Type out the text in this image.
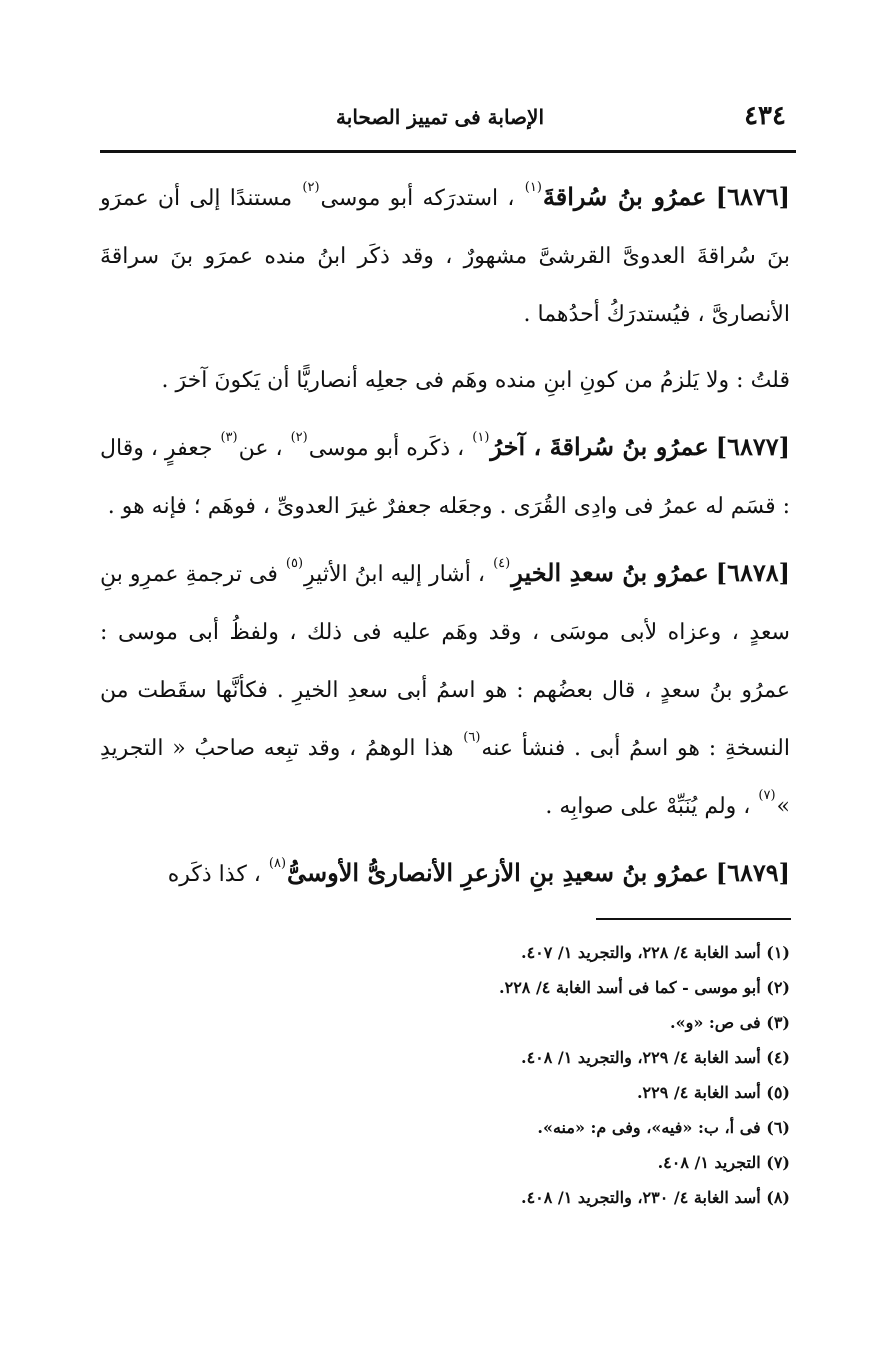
٤٣٤
الإصابة فى تمييز الصحابة

[٦٨٧٦] عمرُو بنُ سُراقةَ$^{(١)}$ ، استدرَكه أبو موسى$^{(٢)}$ مستندًا إلى أن عمرَو بنَ سُراقةَ العدوىَّ القرشىَّ مشهورٌ ، وقد ذكَر ابنُ منده عمرَو بنَ سراقةَ الأنصارىَّ ، فيُستدرَكُ أحدُهما .

قلتُ : ولا يَلزمُ من كونِ ابنِ منده وهَم فى جعلِه أنصاريًّا أن يَكونَ آخرَ .

[٦٨٧٧] عمرُو بنُ سُراقةَ ، آخرُ$^{(١)}$ ، ذكَره أبو موسى$^{(٢)}$ ، عن$^{(٣)}$ جعفرٍ ، وقال : قسَم له عمرُ فى وادِى القُرَى . وجعَله جعفرٌ غيرَ العدوىِّ ، فوهَم ؛ فإنه هو .

[٦٨٧٨] عمرُو بنُ سعدِ الخيرِ$^{(٤)}$ ، أشار إليه ابنُ الأثيرِ$^{(٥)}$ فى ترجمةِ عمرِو بنِ سعدٍ ، وعزاه لأبى موسَى ، وقد وهَم عليه فى ذلك ، ولفظُ أبى موسى : عمرُو بنُ سعدٍ ، قال بعضُهم : هو اسمُ أبى سعدِ الخيرِ . فكأنَّها سقَطت من النسخةِ : هو اسمُ أبى . فنشأ عنه$^{(٦)}$ هذا الوهمُ ، وقد تبِعه صاحبُ « التجريدِ »$^{(٧)}$ ، ولم يُنَبِّهْ على صوابِه .

[٦٨٧٩] عمرُو بنُ سعيدِ بنِ الأزعرِ الأنصارىُّ الأوسىُّ$^{(٨)}$ ، كذا ذكَره

(١) أسد الغابة ٤/ ٢٢٨، والتجريد ١/ ٤٠٧.
(٢) أبو موسى - كما فى أسد الغابة ٤/ ٢٢٨.
(٣) فى ص: «و».
(٤) أسد الغابة ٤/ ٢٢٩، والتجريد ١/ ٤٠٨.
(٥) أسد الغابة ٤/ ٢٢٩.
(٦) فى أ، ب: «فيه»، وفى م: «منه».
(٧) التجريد ١/ ٤٠٨.
(٨) أسد الغابة ٤/ ٢٣٠، والتجريد ١/ ٤٠٨.
